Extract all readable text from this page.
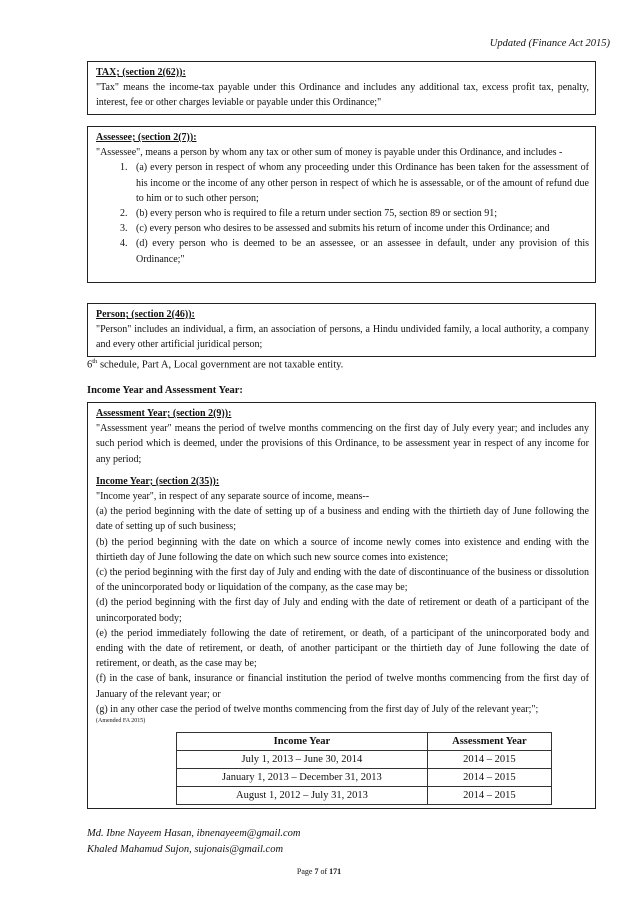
Updated (Finance Act 2015)
TAX; (section 2(62)):
"Tax" means the income-tax payable under this Ordinance and includes any additional tax, excess profit tax, penalty, interest, fee or other charges leviable or payable under this Ordinance;"
Assessee; (section 2(7)):
"Assessee", means a person by whom any tax or other sum of money is payable under this Ordinance, and includes -
1. (a) every person in respect of whom any proceeding under this Ordinance has been taken for the assessment of his income or the income of any other person in respect of which he is assessable, or of the amount of refund due to him or to such other person;
2. (b) every person who is required to file a return under section 75, section 89 or section 91;
3. (c) every person who desires to be assessed and submits his return of income under this Ordinance; and
4. (d) every person who is deemed to be an assessee, or an assessee in default, under any provision of this Ordinance;"
Person; (section 2(46)):
"Person" includes an individual, a firm, an association of persons, a Hindu undivided family, a local authority, a company and every other artificial juridical person;
6th schedule, Part A, Local government are not taxable entity.
Income Year and Assessment Year:
Assessment Year; (section 2(9)):
"Assessment year" means the period of twelve months commencing on the first day of July every year; and includes any such period which is deemed, under the provisions of this Ordinance, to be assessment year in respect of any income for any period;
Income Year; (section 2(35)):
"Income year", in respect of any separate source of income, means--
(a) the period beginning with the date of setting up of a business and ending with the thirtieth day of June following the date of setting up of such business;
(b) the period beginning with the date on which a source of income newly comes into existence and ending with the thirtieth day of June following the date on which such new source comes into existence;
(c) the period beginning with the first day of July and ending with the date of discontinuance of the business or dissolution of the unincorporated body or liquidation of the company, as the case may be;
(d) the period beginning with the first day of July and ending with the date of retirement or death of a participant of the unincorporated body;
(e) the period immediately following the date of retirement, or death, of a participant of the unincorporated body and ending with the date of retirement, or death, of another participant or the thirtieth day of June following the date of retirement, or death, as the case may be;
(f) in the case of bank, insurance or financial institution the period of twelve months commencing from the first day of January of the relevant year; or
(g) in any other case the period of twelve months commencing from the first day of July of the relevant year;";
(Amended FA 2015)
Income Year	Assessment Year
July 1, 2013 – June 30, 2014	2014 – 2015
January 1, 2013 – December 31, 2013	2014 – 2015
August 1, 2012 – July 31, 2013	2014 – 2015
Md. Ibne Nayeem Hasan, ibnenayeem@gmail.com
Khaled Mahamud Sujon, sujonais@gmail.com
Page 7 of 171
